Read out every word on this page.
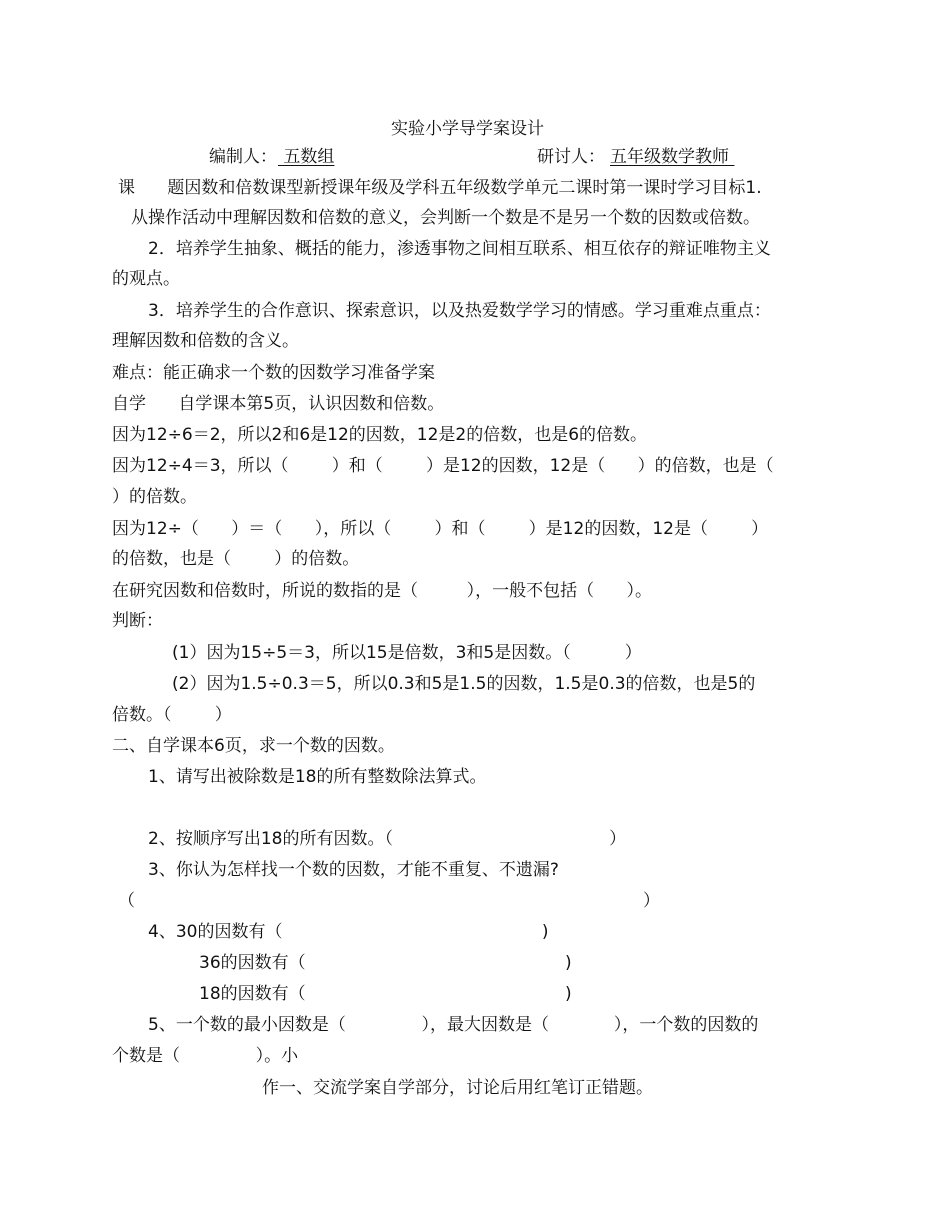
实验小学导学案设计
编制人： 五数组	研讨人： 五年级数学教师
课      题因数和倍数课型新授课年级及学科五年级数学单元二课时第一课时学习目标1.
从操作活动中理解因数和倍数的意义，会判断一个数是不是另一个数的因数或倍数。
2．培养学生抽象、概括的能力，渗透事物之间相互联系、相互依存的辩证唯物主义
的观点。
3．培养学生的合作意识、探索意识，以及热爱数学学习的情感。学习重难点重点：
理解因数和倍数的含义。
难点：能正确求一个数的因数学习准备学案
自学      自学课本第5页，认识因数和倍数。
因为12÷6＝2，所以2和6是12的因数，12是2的倍数，也是6的倍数。
因为12÷4＝3，所以（        ）和（        ）是12的因数，12是（      ）的倍数，也是（
）的倍数。
因为12÷（      ）＝（      ），所以（        ）和（        ）是12的因数，12是（        ）
的倍数，也是（        ）的倍数。
在研究因数和倍数时，所说的数指的是（         ），一般不包括（      ）。
判断：
(1）因为15÷5＝3，所以15是倍数，3和5是因数。（          ）
(2）因为1.5÷0.3＝5，所以0.3和5是1.5的因数，1.5是0.3的倍数，也是5的
倍数。（        ）
二、自学课本6页，求一个数的因数。
1、请写出被除数是18的所有整数除法算式。
2、按顺序写出18的所有因数。（                                        ）
3、你认为怎样找一个数的因数，才能不重复、不遗漏?
（                                                                                              ）
4、30的因数有（                                                )
36的因数有（                                                )
18的因数有（                                                )
5、一个数的最小因数是（              ），最大因数是（            ），一个数的因数的
个数是（              ）。小
作一、交流学案自学部分，讨论后用红笔订正错题。
